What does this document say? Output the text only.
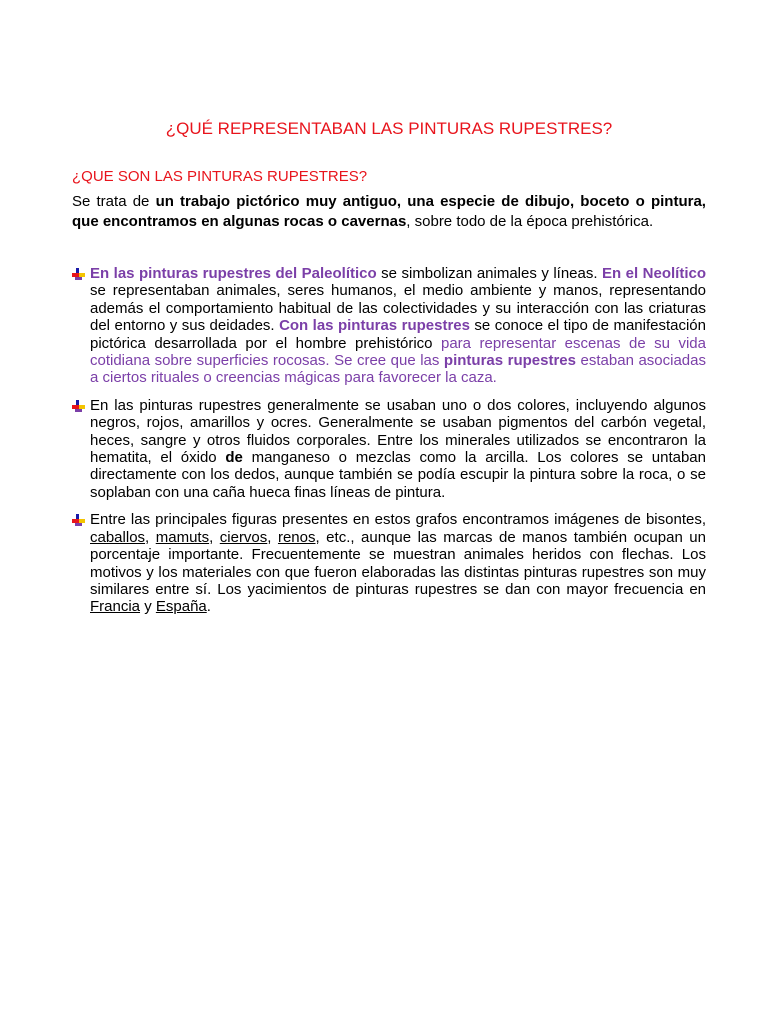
¿QUÉ REPRESENTABAN LAS PINTURAS RUPESTRES?
¿QUE SON LAS PINTURAS RUPESTRES?

Se trata de un trabajo pictórico muy antiguo, una especie de dibujo, boceto o pintura, que encontramos en algunas rocas o cavernas, sobre todo de la época prehistórica.

En las pinturas rupestres del Paleolítico se simbolizan animales y líneas. En el Neolítico se representaban animales, seres humanos, el medio ambiente y manos, representando además el comportamiento habitual de las colectividades y su interacción con las criaturas del entorno y sus deidades. Con las pinturas rupestres se conoce el tipo de manifestación pictórica desarrollada por el hombre prehistórico para representar escenas de su vida cotidiana sobre superficies rocosas. Se cree que las pinturas rupestres estaban asociadas a ciertos rituales o creencias mágicas para favorecer la caza.
En las pinturas rupestres generalmente se usaban uno o dos colores, incluyendo algunos negros, rojos, amarillos y ocres. Generalmente se usaban pigmentos del carbón vegetal, heces, sangre y otros fluidos corporales. Entre los minerales utilizados se encontraron la hematita, el óxido de manganeso o mezclas como la arcilla. Los colores se untaban directamente con los dedos, aunque también se podía escupir la pintura sobre la roca, o se soplaban con una caña hueca finas líneas de pintura.
Entre las principales figuras presentes en estos grafos encontramos imágenes de bisontes, caballos, mamuts, ciervos, renos, etc., aunque las marcas de manos también ocupan un porcentaje importante. Frecuentemente se muestran animales heridos con flechas. Los motivos y los materiales con que fueron elaboradas las distintas pinturas rupestres son muy similares entre sí. Los yacimientos de pinturas rupestres se dan con mayor frecuencia en Francia y España.
